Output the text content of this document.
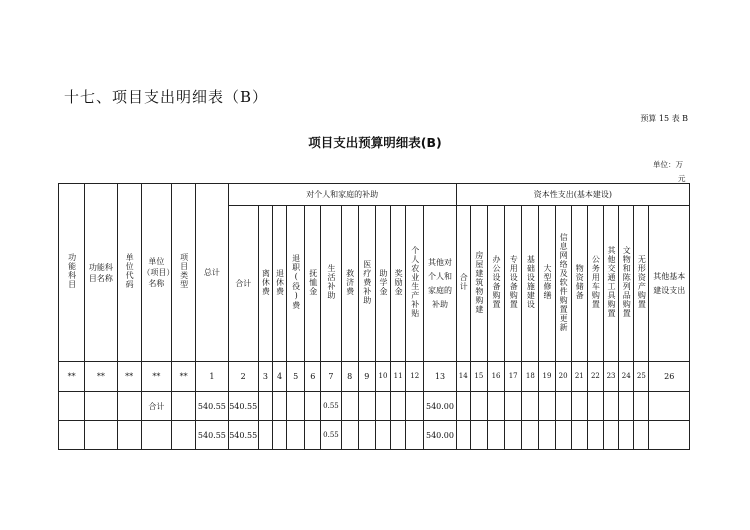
十七、项目支出明细表（B）
预算 15 表 B
项目支出预算明细表(B)
单位：万
元
功能科目	功能科目名称	单位代码	单位（项目）名称	项目类型	总计	对个人和家庭的补助												资本性支出(基本建设)												
						合计	离休费	退休费	退职(役)费	抚恤金	生活补助	救济费	医疗费补助	助学金	奖励金	个人农业生产补贴	其他对个人和家庭的补助	合计	房屋建筑物购建	办公设备购置	专用设备购置	基础设施建设	大型修缮	信息网络及软件购置更新	物资储备	公务用车购置	其他交通工具购置	文物和陈列品购置	无形资产购置	其他基本建设支出
**	**	**	**	**	1	2	3	4	5	6	7	8	9	10	11	12	13	14	15	16	17	18	19	20	21	22	23	24	25	26
			合计		540.55	540.55					0.55						540.00													
					540.55	540.55					0.55						540.00													
